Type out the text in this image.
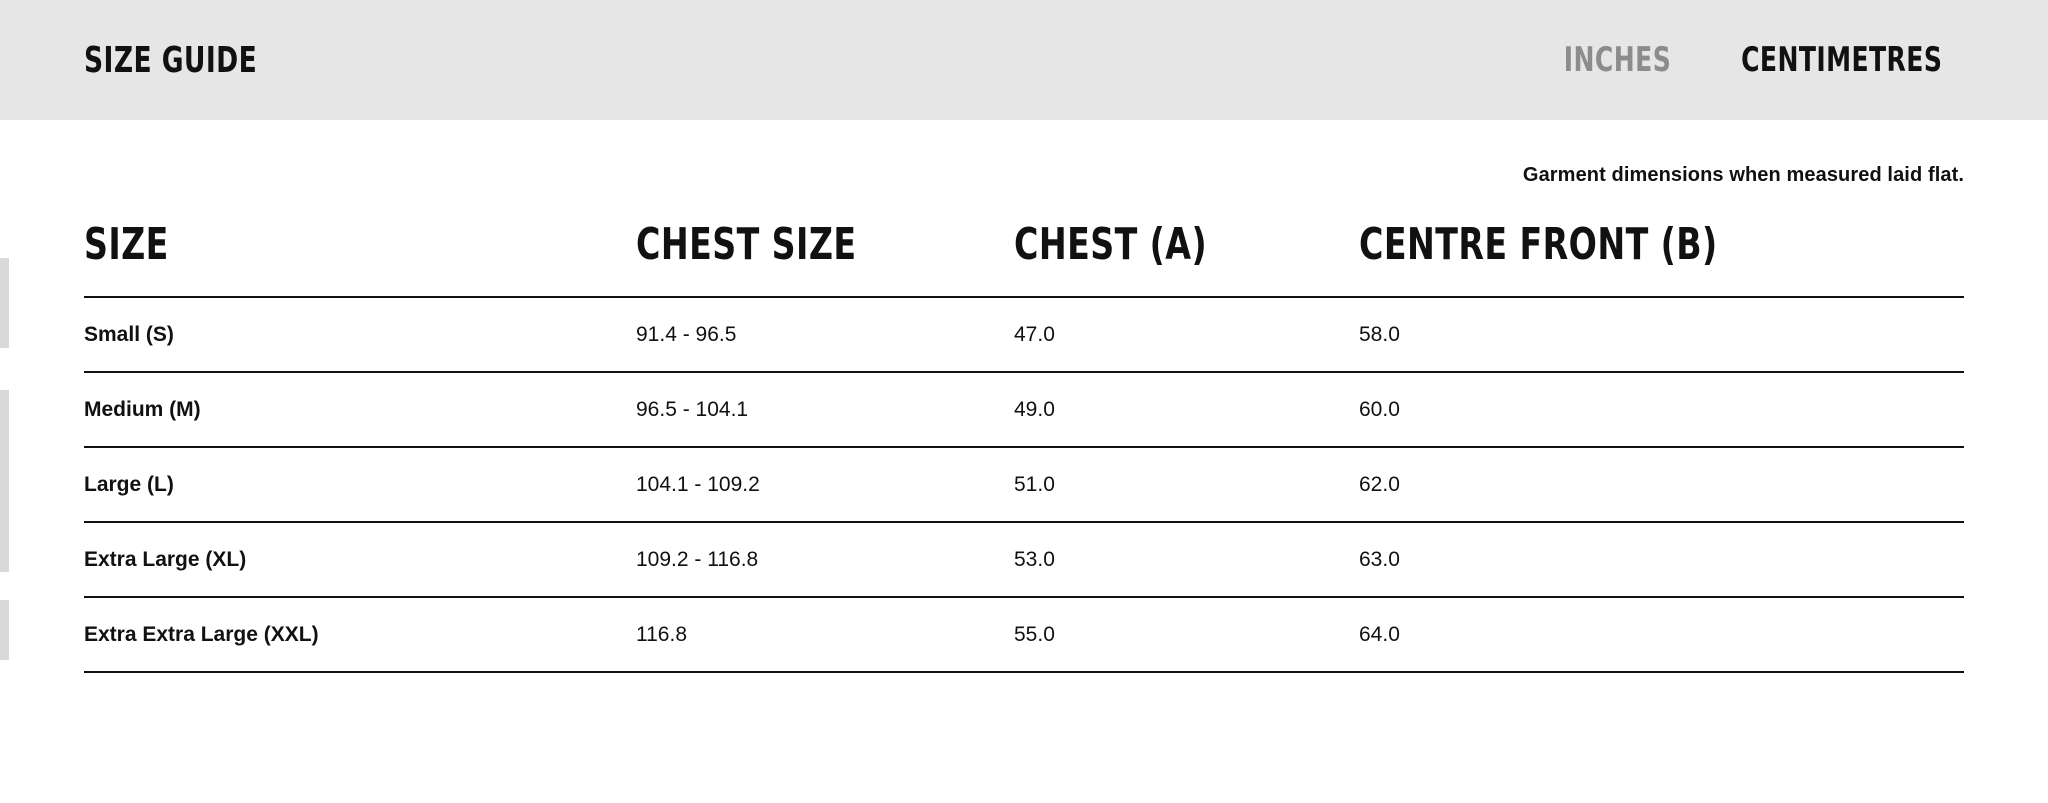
SIZE GUIDE	INCHES CENTIMETRES
Garment dimensions when measured laid flat.
SIZE	CHEST SIZE	CHEST (A)	CENTRE FRONT (B)
Small (S)	91.4 - 96.5	47.0	58.0
Medium (M)	96.5 - 104.1	49.0	60.0
Large (L)	104.1 - 109.2	51.0	62.0
Extra Large (XL)	109.2 - 116.8	53.0	63.0
Extra Extra Large (XXL)	116.8	55.0	64.0
